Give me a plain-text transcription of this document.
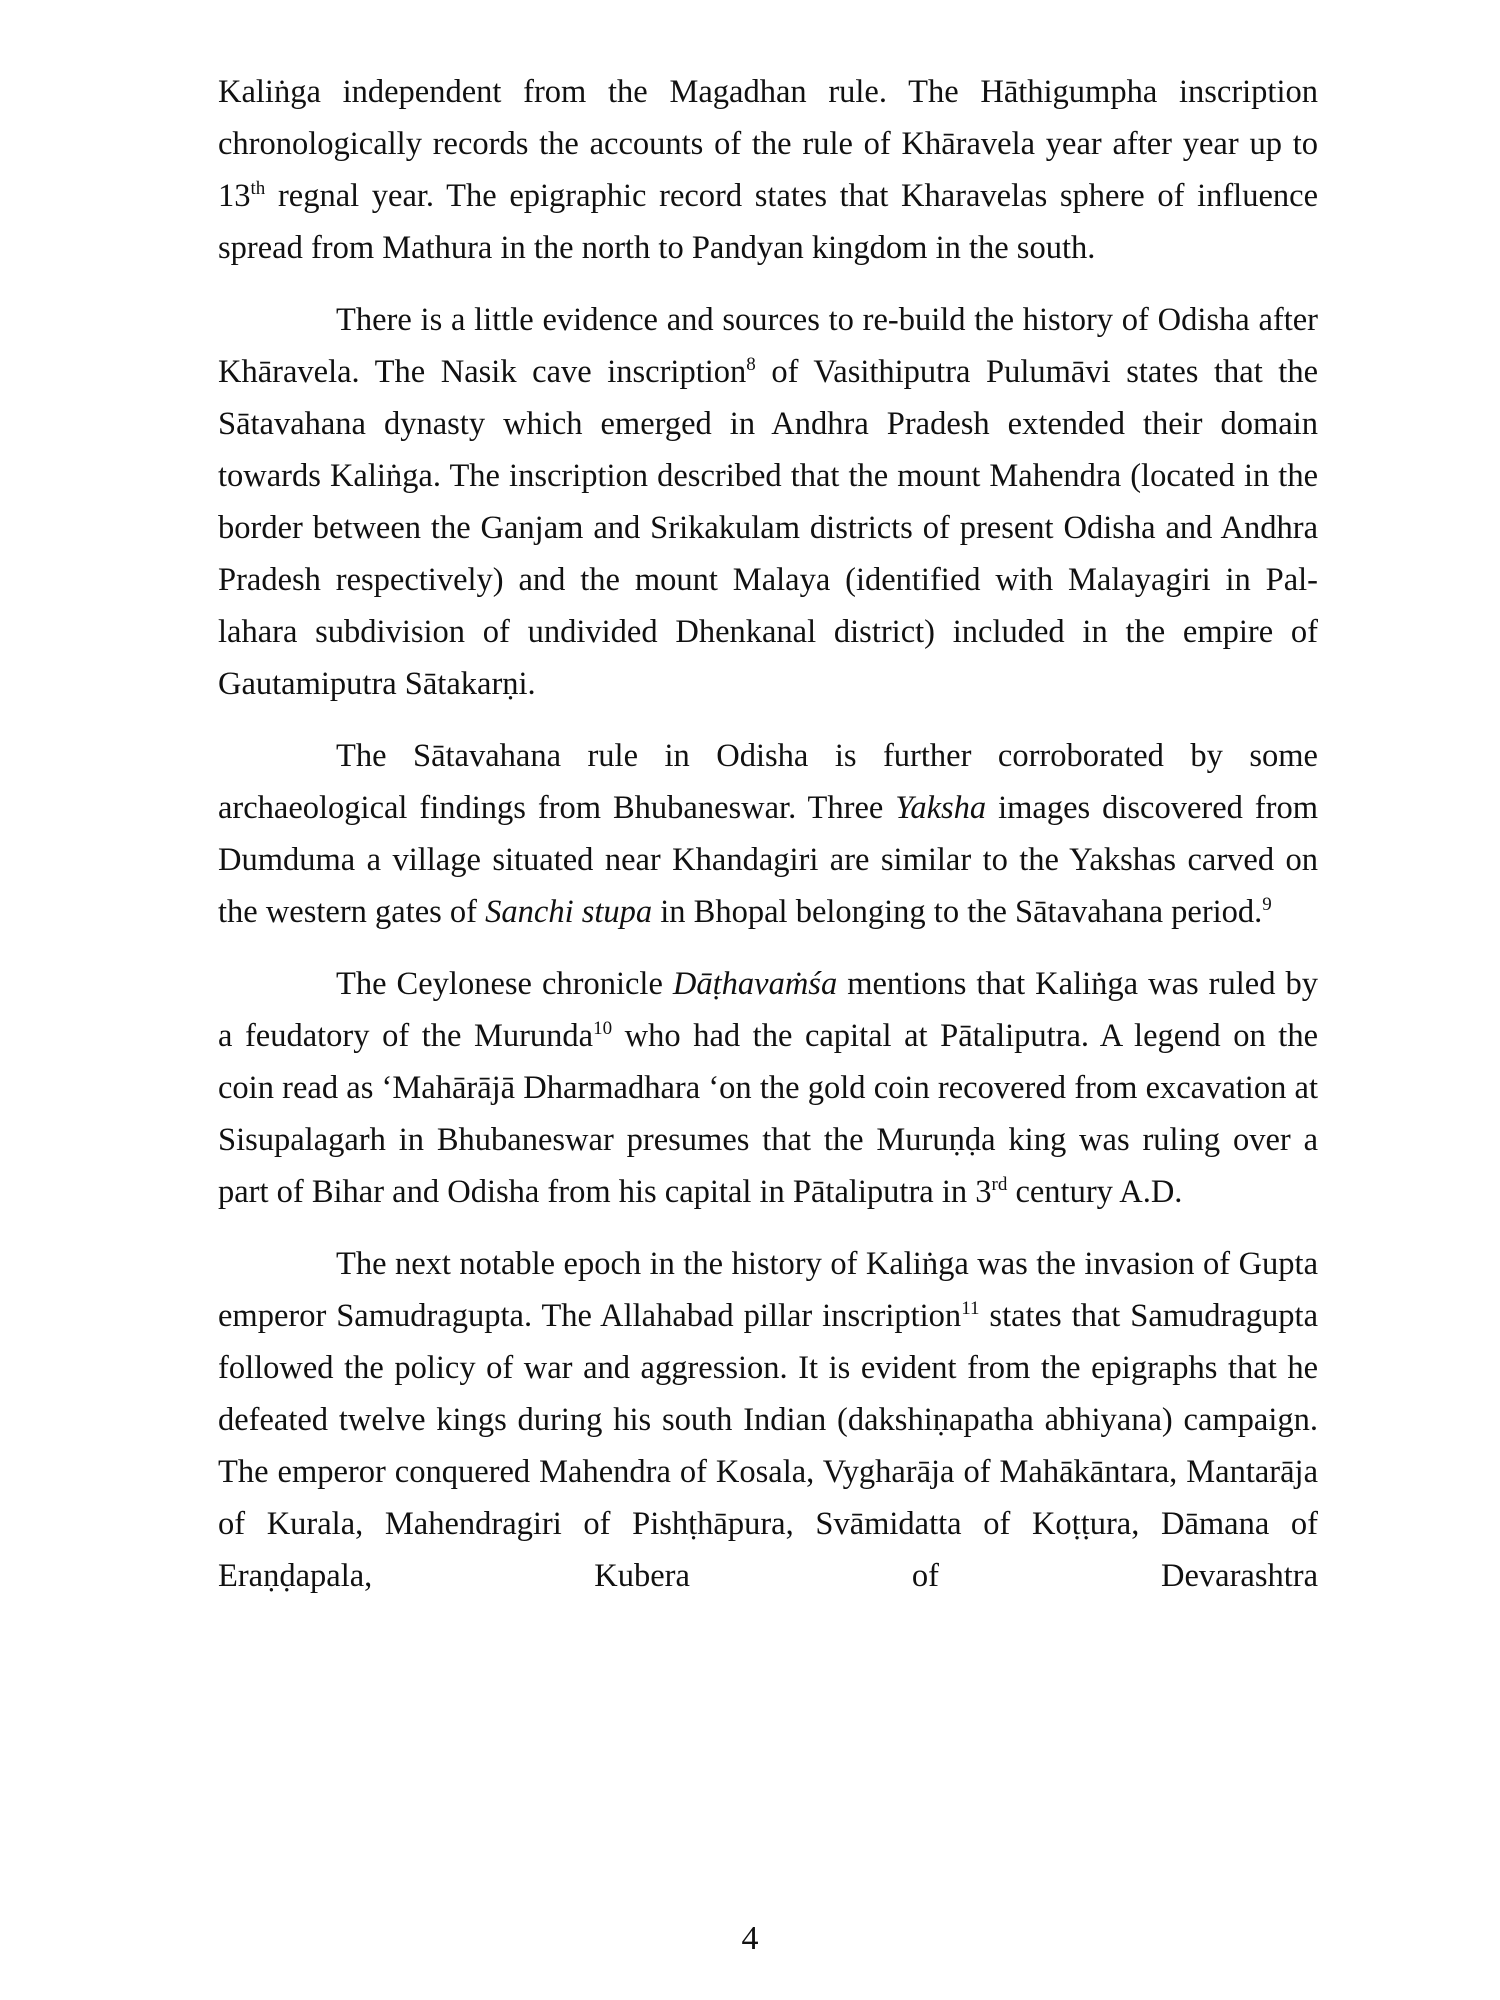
Kaliṅga independent from the Magadhan rule. The Hāthigumpha inscription chronologically records the accounts of the rule of Khāravela year after year up to 13th regnal year. The epigraphic record states that Kharavelas sphere of influence spread from Mathura in the north to Pandyan kingdom in the south.

There is a little evidence and sources to re-build the history of Odisha after Khāravela. The Nasik cave inscription$^8$ of Vasithiputra Pulumāvi states that the Sātavahana dynasty which emerged in Andhra Pradesh extended their domain towards Kaliṅga. The inscription described that the mount Mahendra (located in the border between the Ganjam and Srikakulam districts of present Odisha and Andhra Pradesh respectively) and the mount Malaya (identified with Malayagiri in Pal-lahara subdivision of undivided Dhenkanal district) included in the empire of Gautamiputra Sātakarṇi.

The Sātavahana rule in Odisha is further corroborated by some archaeological findings from Bhubaneswar. Three Yaksha images discovered from Dumduma a village situated near Khandagiri are similar to the Yakshas carved on the western gates of Sanchi stupa in Bhopal belonging to the Sātavahana period.$^9$

The Ceylonese chronicle Dāṭhavaṁśa mentions that Kaliṅga was ruled by a feudatory of the Murunda$^{10}$ who had the capital at Pātaliputra. A legend on the coin read as ‘Mahārājā Dharmadhara ‘on the gold coin recovered from excavation at Sisupalagarh in Bhubaneswar presumes that the Muruṇḍa king was ruling over a part of Bihar and Odisha from his capital in Pātaliputra in 3rd century A.D.

The next notable epoch in the history of Kaliṅga was the invasion of Gupta emperor Samudragupta. The Allahabad pillar inscription$^{11}$ states that Samudragupta followed the policy of war and aggression. It is evident from the epigraphs that he defeated twelve kings during his south Indian (dakshiṇapatha abhiyana) campaign. The emperor conquered Mahendra of Kosala, Vygharāja of Mahākāntara, Mantarāja of Kurala, Mahendragiri of Pishṭhāpura, Svāmidatta of Koṭṭura, Dāmana of Eraṇḍapala, Kubera of Devarashtra

4
